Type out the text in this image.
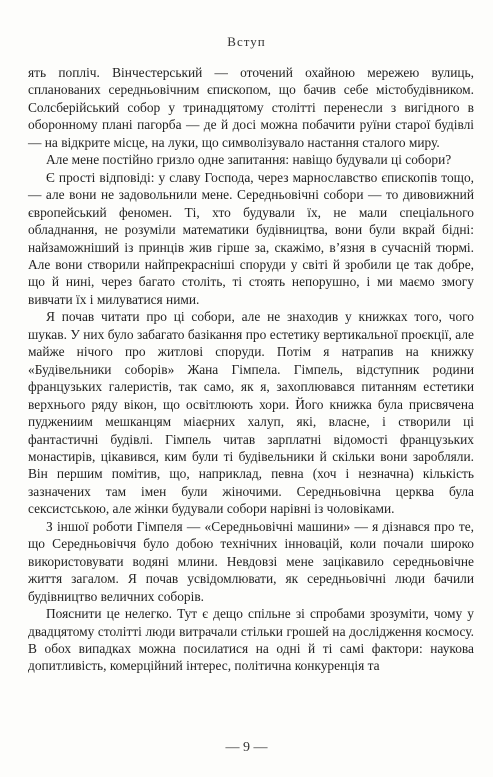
Вступ

ять попліч. Вінчестерський — оточений охайною мережею вулиць, спланованих середньовічним єпископом, що бачив себе містобудівником. Солсберійський собор у тринадцятому столітті перенесли з вигідного в оборонному плані пагорба — де й досі можна побачити руїни старої будівлі — на відкрите місце, на луки, що символізувало настання сталого миру.

Але мене постійно гризло одне запитання: навіщо будували ці собори?

Є прості відповіді: у славу Господа, через марнославство єпископів тощо,— але вони не задовольнили мене. Середньовічні собори — то дивовижний європейський феномен. Ті, хто будували їх, не мали спеціального обладнання, не розуміли математики будівництва, вони були вкрай бідні: найзаможніший із принців жив гірше за, скажімо, в’язня в сучасній тюрмі. Але вони створили найпрекрасніші споруди у світі й зробили це так добре, що й нині, через багато століть, ті стоять непорушно, і ми маємо змогу вивчати їх і милуватися ними.

Я почав читати про ці собори, але не знаходив у книжках того, чого шукав. У них було забагато базікання про естетику вертикальної проєкції, але майже нічого про житлові споруди. Потім я натрапив на книжку «Будівельники соборів» Жана Гімпела. Гімпель, відступник родини французьких галеристів, так само, як я, захоплювався питанням естетики верхнього ряду вікон, що освітлюють хори. Його книжка була присвячена пуджениим мешканцям міаєрних халуп, які, власне, і створили ці фантастичні будівлі. Гімпель читав зарплатні відомості французьких монастирів, цікавився, ким були ті будівельники й скільки вони заробляли. Він першим помітив, що, наприклад, певна (хоч і незначна) кількість зазначених там імен були жіночими. Середньовічна церква була сексистською, але жінки будували собори нарівні із чоловіками.

З іншої роботи Гімпеля — «Середньовічні машини» — я дізнався про те, що Середньовіччя було добою технічних інновацій, коли почали широко використовувати водяні млини. Невдовзі мене зацікавило середньовічне життя загалом. Я почав усвідомлювати, як середньовічні люди бачили будівництво величних соборів.

Пояснити це нелегко. Тут є дещо спільне зі спробами зрозуміти, чому у двадцятому столітті люди витрачали стільки грошей на дослідження космосу. В обох випадках можна посилатися на одні й ті самі фактори: наукова допитливість, комерційний інтерес, політична конкуренція та

— 9 —
